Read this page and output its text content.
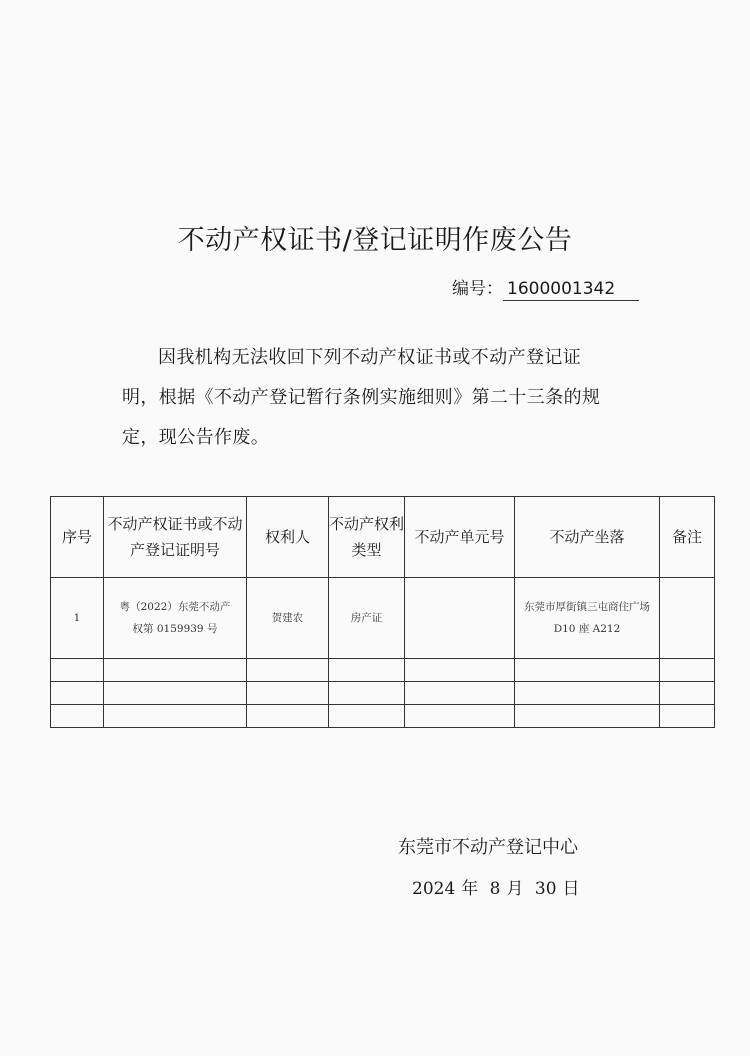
不动产权证书/登记证明作废公告
编号： 1600001342
因我机构无法收回下列不动产权证书或不动产登记证
明，根据《不动产登记暂行条例实施细则》第二十三条的规
定，现公告作废。
序号	不动产权证书或不动产登记证明号	权利人	不动产权利类型	不动产单元号	不动产坐落	备注
1	粤（2022）东莞不动产权第 0159939 号	贺建农	房产证		东莞市厚街镇三屯商住广场 D10 座 A212	

东莞市不动产登记中心
2024 年 8 月 30 日
